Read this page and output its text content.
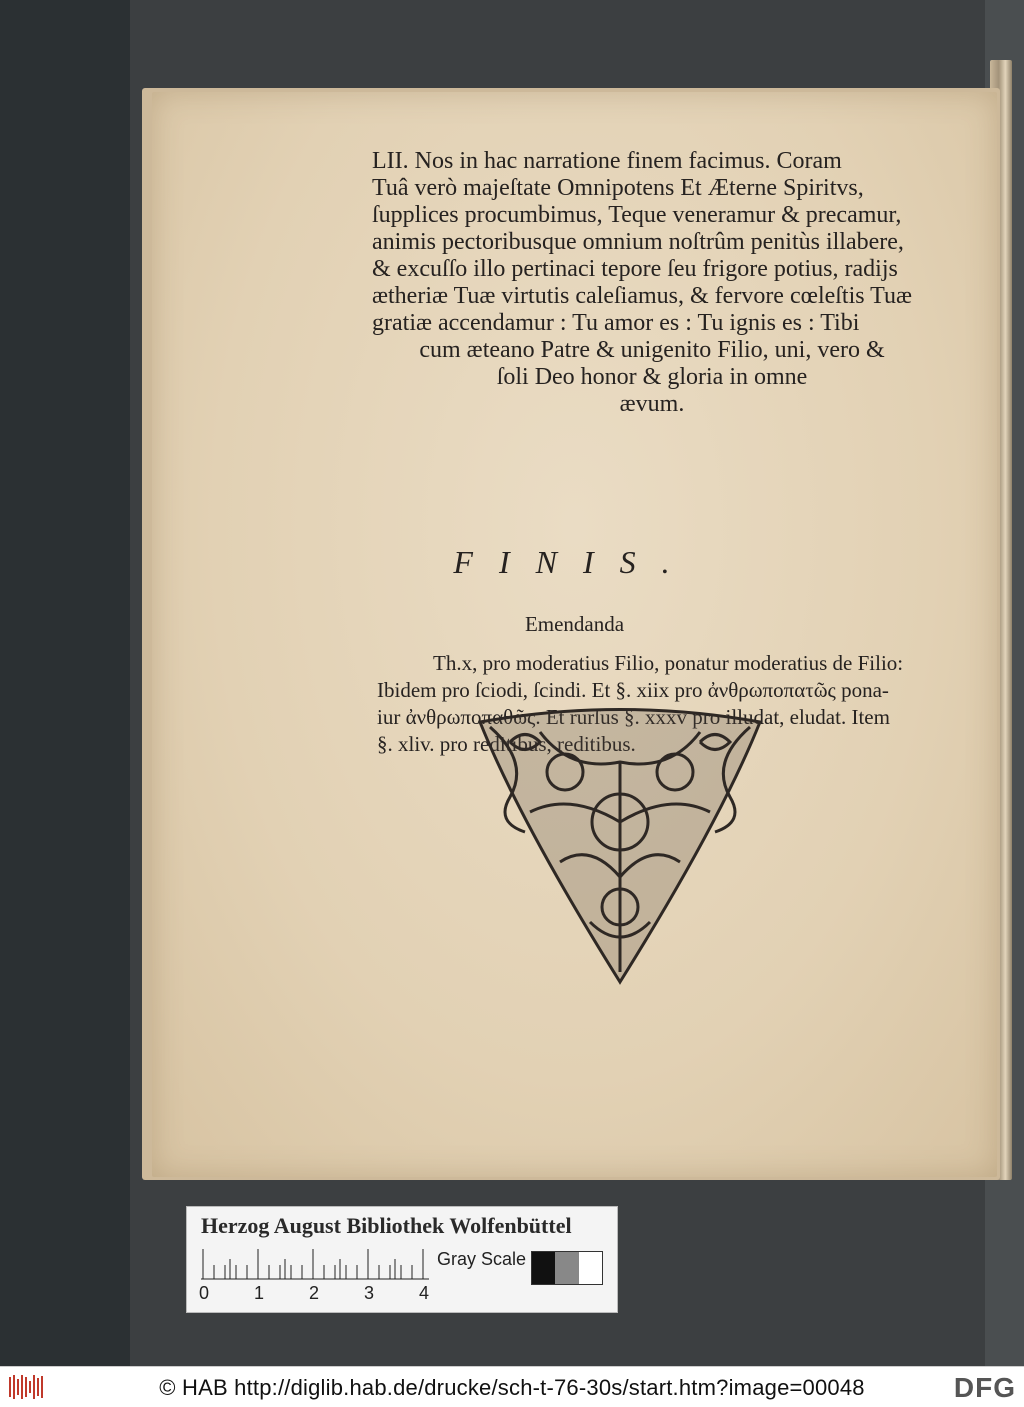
LII. Nos in hac narratione finem facimus. Coram
Tuâ verò majeſtate Omnipotens Et Æterne Spiritvs,
ſupplices procumbimus, Teque veneramur & precamur,
animis pectoribusque omnium noſtrûm penitùs illabere,
& excuſſo illo pertinaci tepore ſeu frigore potius, radijs
ætheriæ Tuæ virtutis caleſiamus, & fervore cœleſtis Tuæ
gratiæ accendamur : Tu amor es : Tu ignis es : Tibi
cum æteano Patre & unigenito Filio, uni, vero &
ſoli Deo honor & gloria in omne
ævum.
FINIS.
Emendanda
Th.x, pro moderatius Filio, ponatur moderatius de Filio:
Ibidem pro ſciodi, ſcindi. Et §. xiix pro ἀνθρωποπατῶς pona-
iur ἀνθρωποπαθῶς. Et rurſus §. xxxv pro illudat, eludat. Item
§. xliv. pro reditibus, reditibus.
Herzog August Bibliothek Wolfenbüttel
0 1 2 3 4
Gray Scale
© HAB http://diglib.hab.de/drucke/sch-t-76-30s/start.htm?image=00048	DFG
